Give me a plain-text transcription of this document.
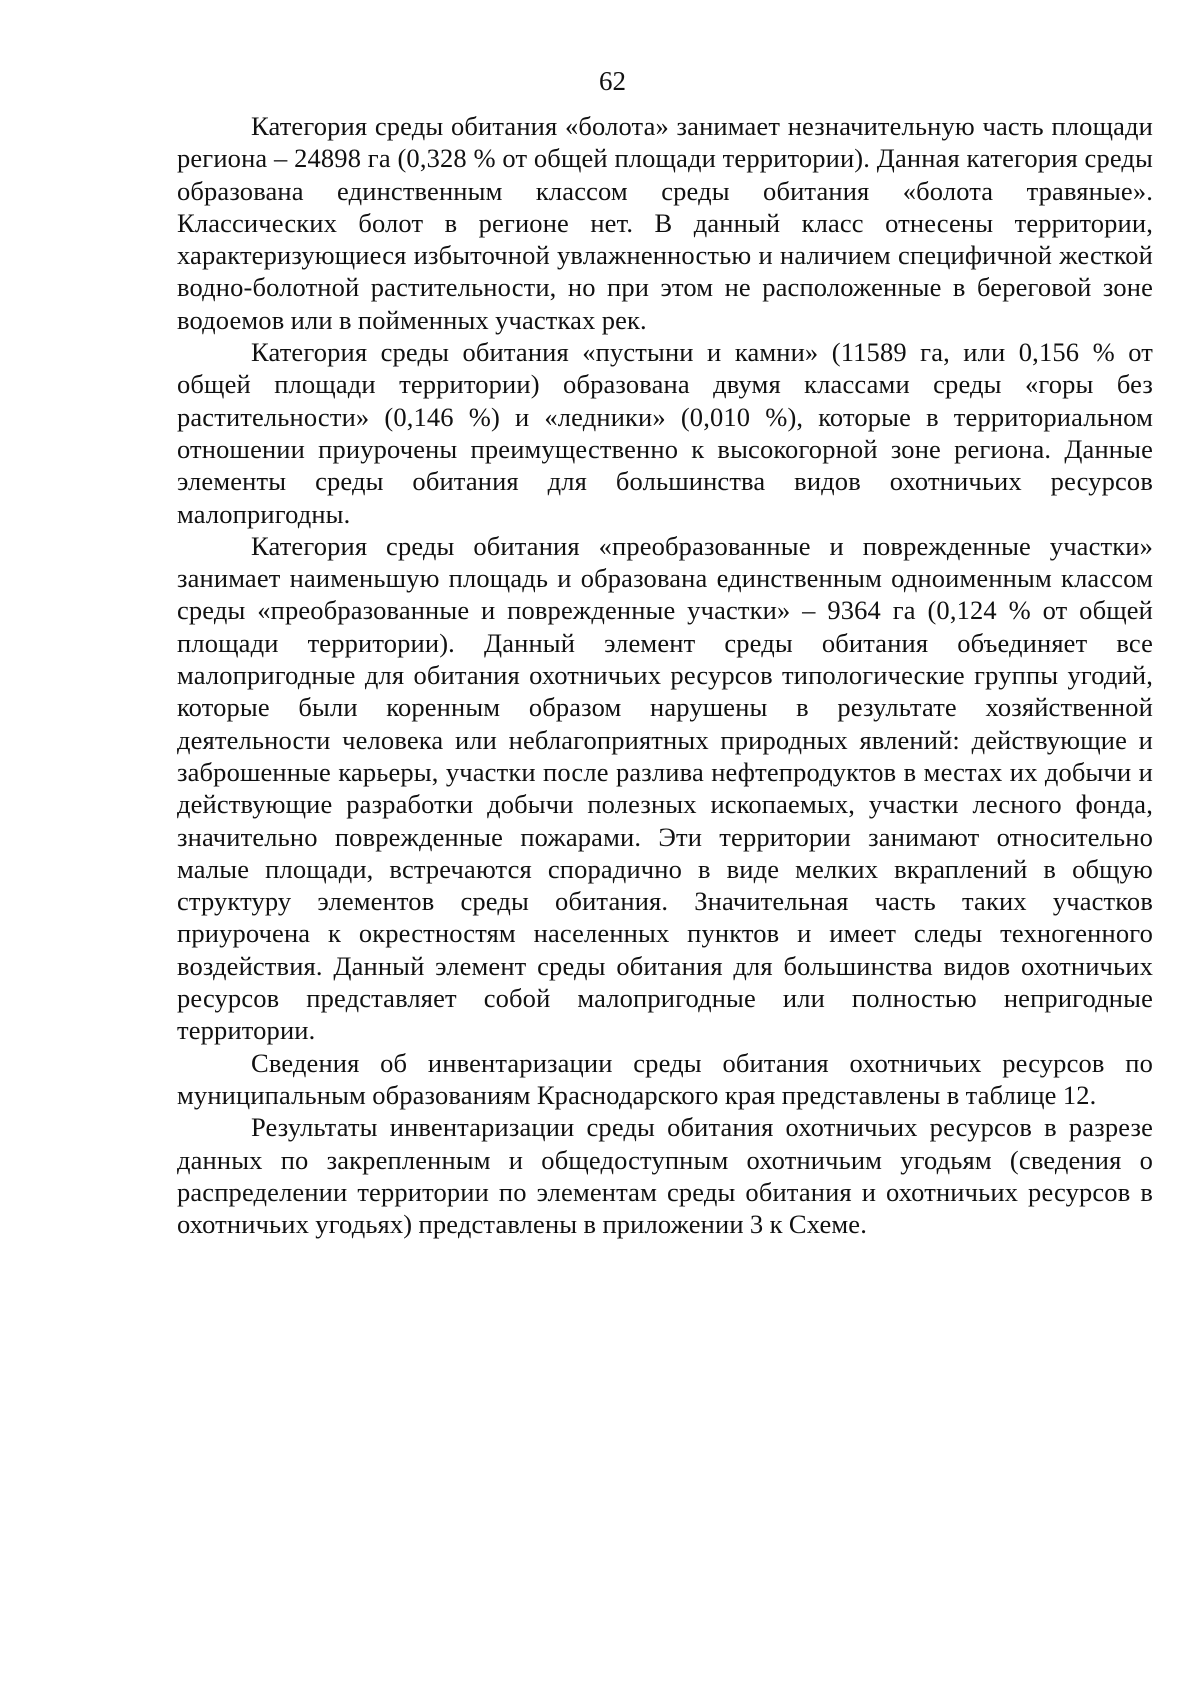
62

Категория среды обитания «болота» занимает незначительную часть площади региона – 24898 га (0,328 % от общей площади территории). Данная категория среды образована единственным классом среды обитания «болота травяные». Классических болот в регионе нет. В данный класс отнесены территории, характеризующиеся избыточной увлажненностью и наличием специфичной жесткой водно-болотной растительности, но при этом не расположенные в береговой зоне водоемов или в пойменных участках рек.

Категория среды обитания «пустыни и камни» (11589 га, или 0,156 % от общей площади территории) образована двумя классами среды «горы без растительности» (0,146 %) и «ледники» (0,010 %), которые в территориальном отношении приурочены преимущественно к высокогорной зоне региона. Данные элементы среды обитания для большинства видов охотничьих ресурсов малопригодны.

Категория среды обитания «преобразованные и поврежденные участки» занимает наименьшую площадь и образована единственным одноименным классом среды «преобразованные и поврежденные участки» – 9364 га (0,124 % от общей площади территории). Данный элемент среды обитания объединяет все малопригодные для обитания охотничьих ресурсов типологические группы угодий, которые были коренным образом нарушены в результате хозяйственной деятельности человека или неблагоприятных природных явлений: действующие и заброшенные карьеры, участки после разлива нефтепродуктов в местах их добычи и действующие разработки добычи полезных ископаемых, участки лесного фонда, значительно поврежденные пожарами. Эти территории занимают относительно малые площади, встречаются спорадично в виде мелких вкраплений в общую структуру элементов среды обитания. Значительная часть таких участков приурочена к окрестностям населенных пунктов и имеет следы техногенного воздействия. Данный элемент среды обитания для большинства видов охотничьих ресурсов представляет собой малопригодные или полностью непригодные территории.

Сведения об инвентаризации среды обитания охотничьих ресурсов по муниципальным образованиям Краснодарского края представлены в таблице 12.

Результаты инвентаризации среды обитания охотничьих ресурсов в разрезе данных по закрепленным и общедоступным охотничьим угодьям (сведения о распределении территории по элементам среды обитания и охотничьих ресурсов в охотничьих угодьях) представлены в приложении 3 к Схеме.
